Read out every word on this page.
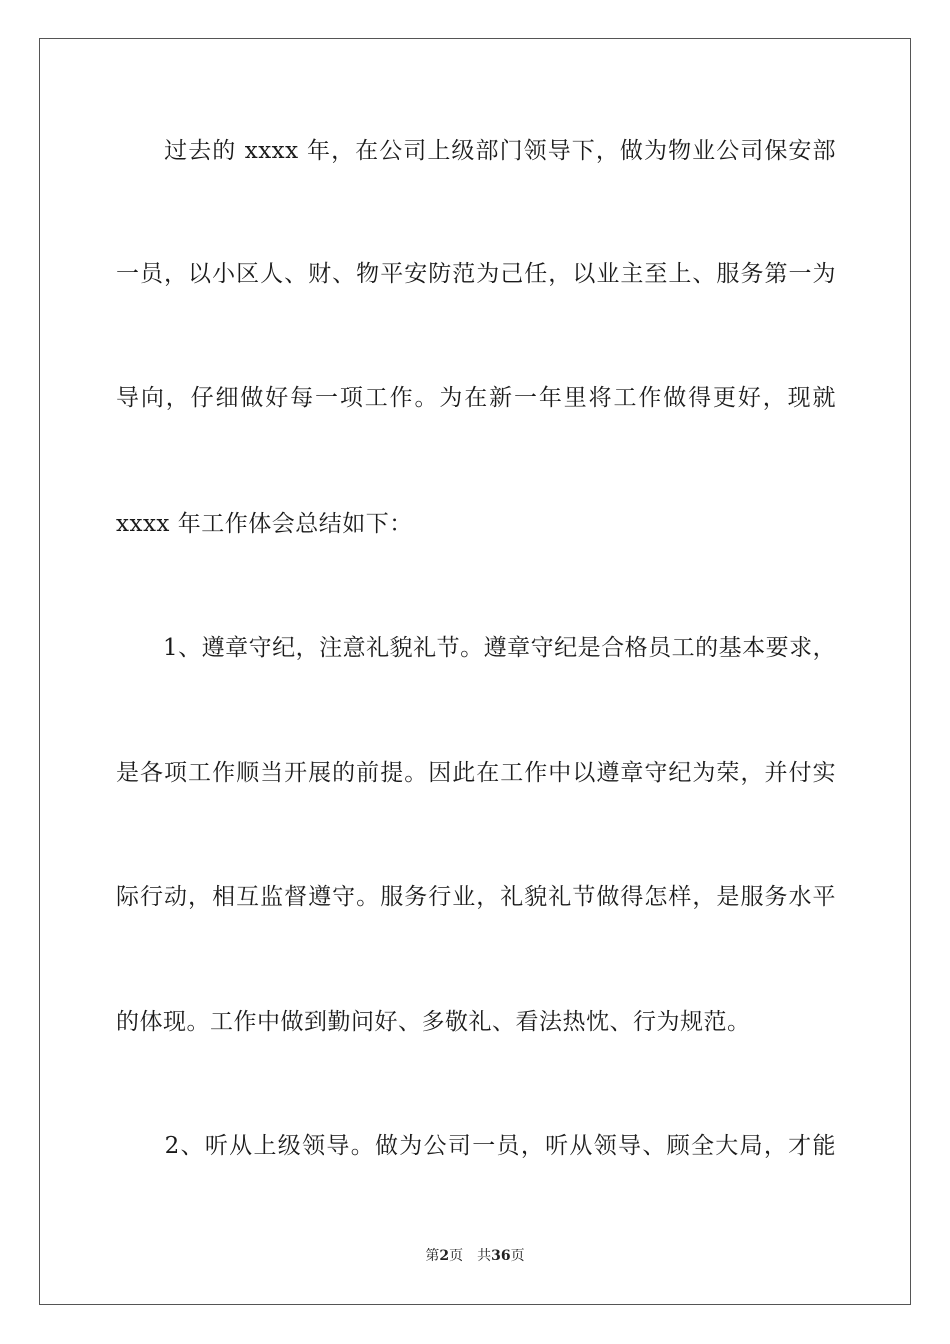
　　过去的 xxxx 年，在公司上级部门领导下，做为物业公司保安部
一员，以小区人、财、物平安防范为己任，以业主至上、服务第一为
导向，仔细做好每一项工作。为在新一年里将工作做得更好，现就
xxxx 年工作体会总结如下：
　　1、遵章守纪，注意礼貌礼节。遵章守纪是合格员工的基本要求，
是各项工作顺当开展的前提。因此在工作中以遵章守纪为荣，并付实
际行动，相互监督遵守。服务行业，礼貌礼节做得怎样，是服务水平
的体现。工作中做到勤问好、多敬礼、看法热忱、行为规范。
　　2、听从上级领导。做为公司一员，听从领导、顾全大局，才能
第2页 共36页
